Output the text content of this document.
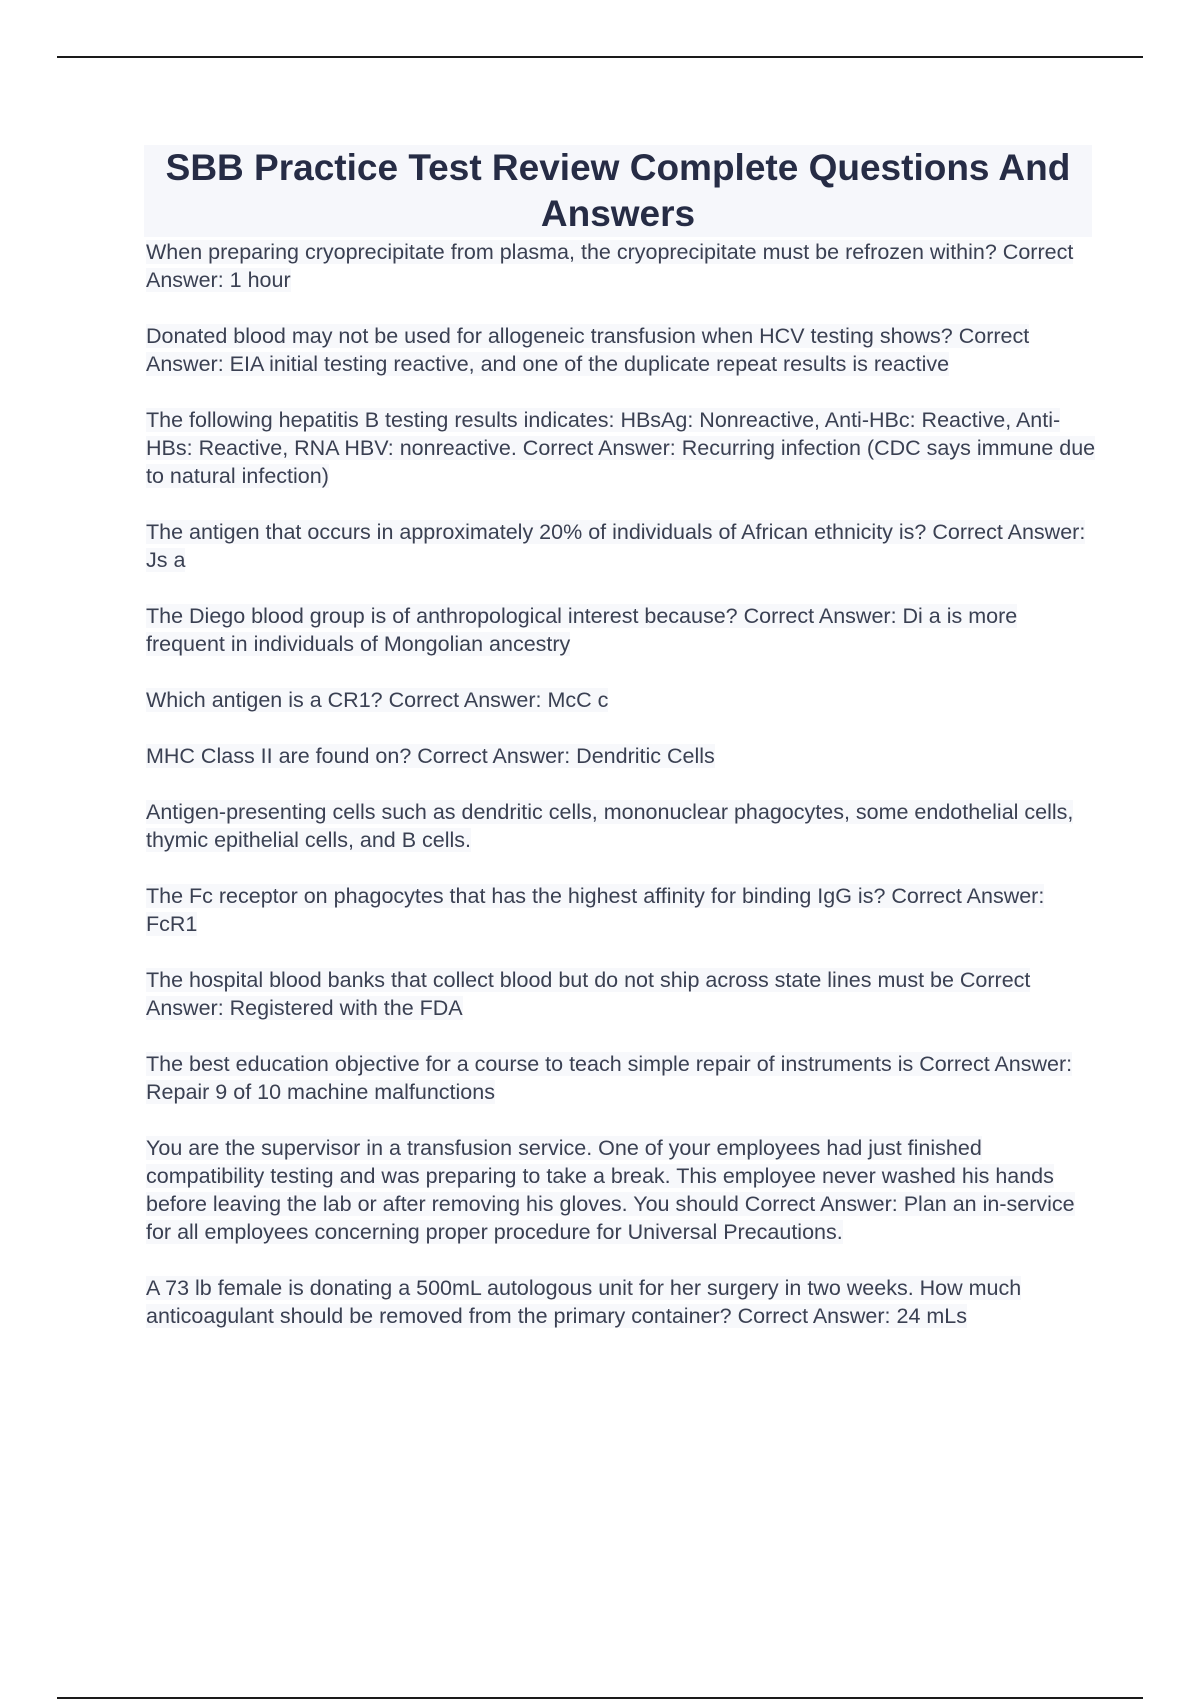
SBB Practice Test Review Complete Questions And Answers

When preparing cryoprecipitate from plasma, the cryoprecipitate must be refrozen within? Correct Answer: 1 hour

Donated blood may not be used for allogeneic transfusion when HCV testing shows? Correct Answer: EIA initial testing reactive, and one of the duplicate repeat results is reactive

The following hepatitis B testing results indicates: HBsAg: Nonreactive, Anti-HBc: Reactive, Anti-HBs: Reactive, RNA HBV: nonreactive. Correct Answer: Recurring infection (CDC says immune due to natural infection)

The antigen that occurs in approximately 20% of individuals of African ethnicity is? Correct Answer: Js a

The Diego blood group is of anthropological interest because? Correct Answer: Di a is more frequent in individuals of Mongolian ancestry

Which antigen is a CR1? Correct Answer: McC c

MHC Class II are found on? Correct Answer: Dendritic Cells

Antigen-presenting cells such as dendritic cells, mononuclear phagocytes, some endothelial cells, thymic epithelial cells, and B cells.

The Fc receptor on phagocytes that has the highest affinity for binding IgG is? Correct Answer: FcR1

The hospital blood banks that collect blood but do not ship across state lines must be Correct Answer: Registered with the FDA

The best education objective for a course to teach simple repair of instruments is Correct Answer: Repair 9 of 10 machine malfunctions

You are the supervisor in a transfusion service. One of your employees had just finished compatibility testing and was preparing to take a break. This employee never washed his hands before leaving the lab or after removing his gloves. You should Correct Answer: Plan an in-service for all employees concerning proper procedure for Universal Precautions.

A 73 lb female is donating a 500mL autologous unit for her surgery in two weeks. How much anticoagulant should be removed from the primary container? Correct Answer: 24 mLs
